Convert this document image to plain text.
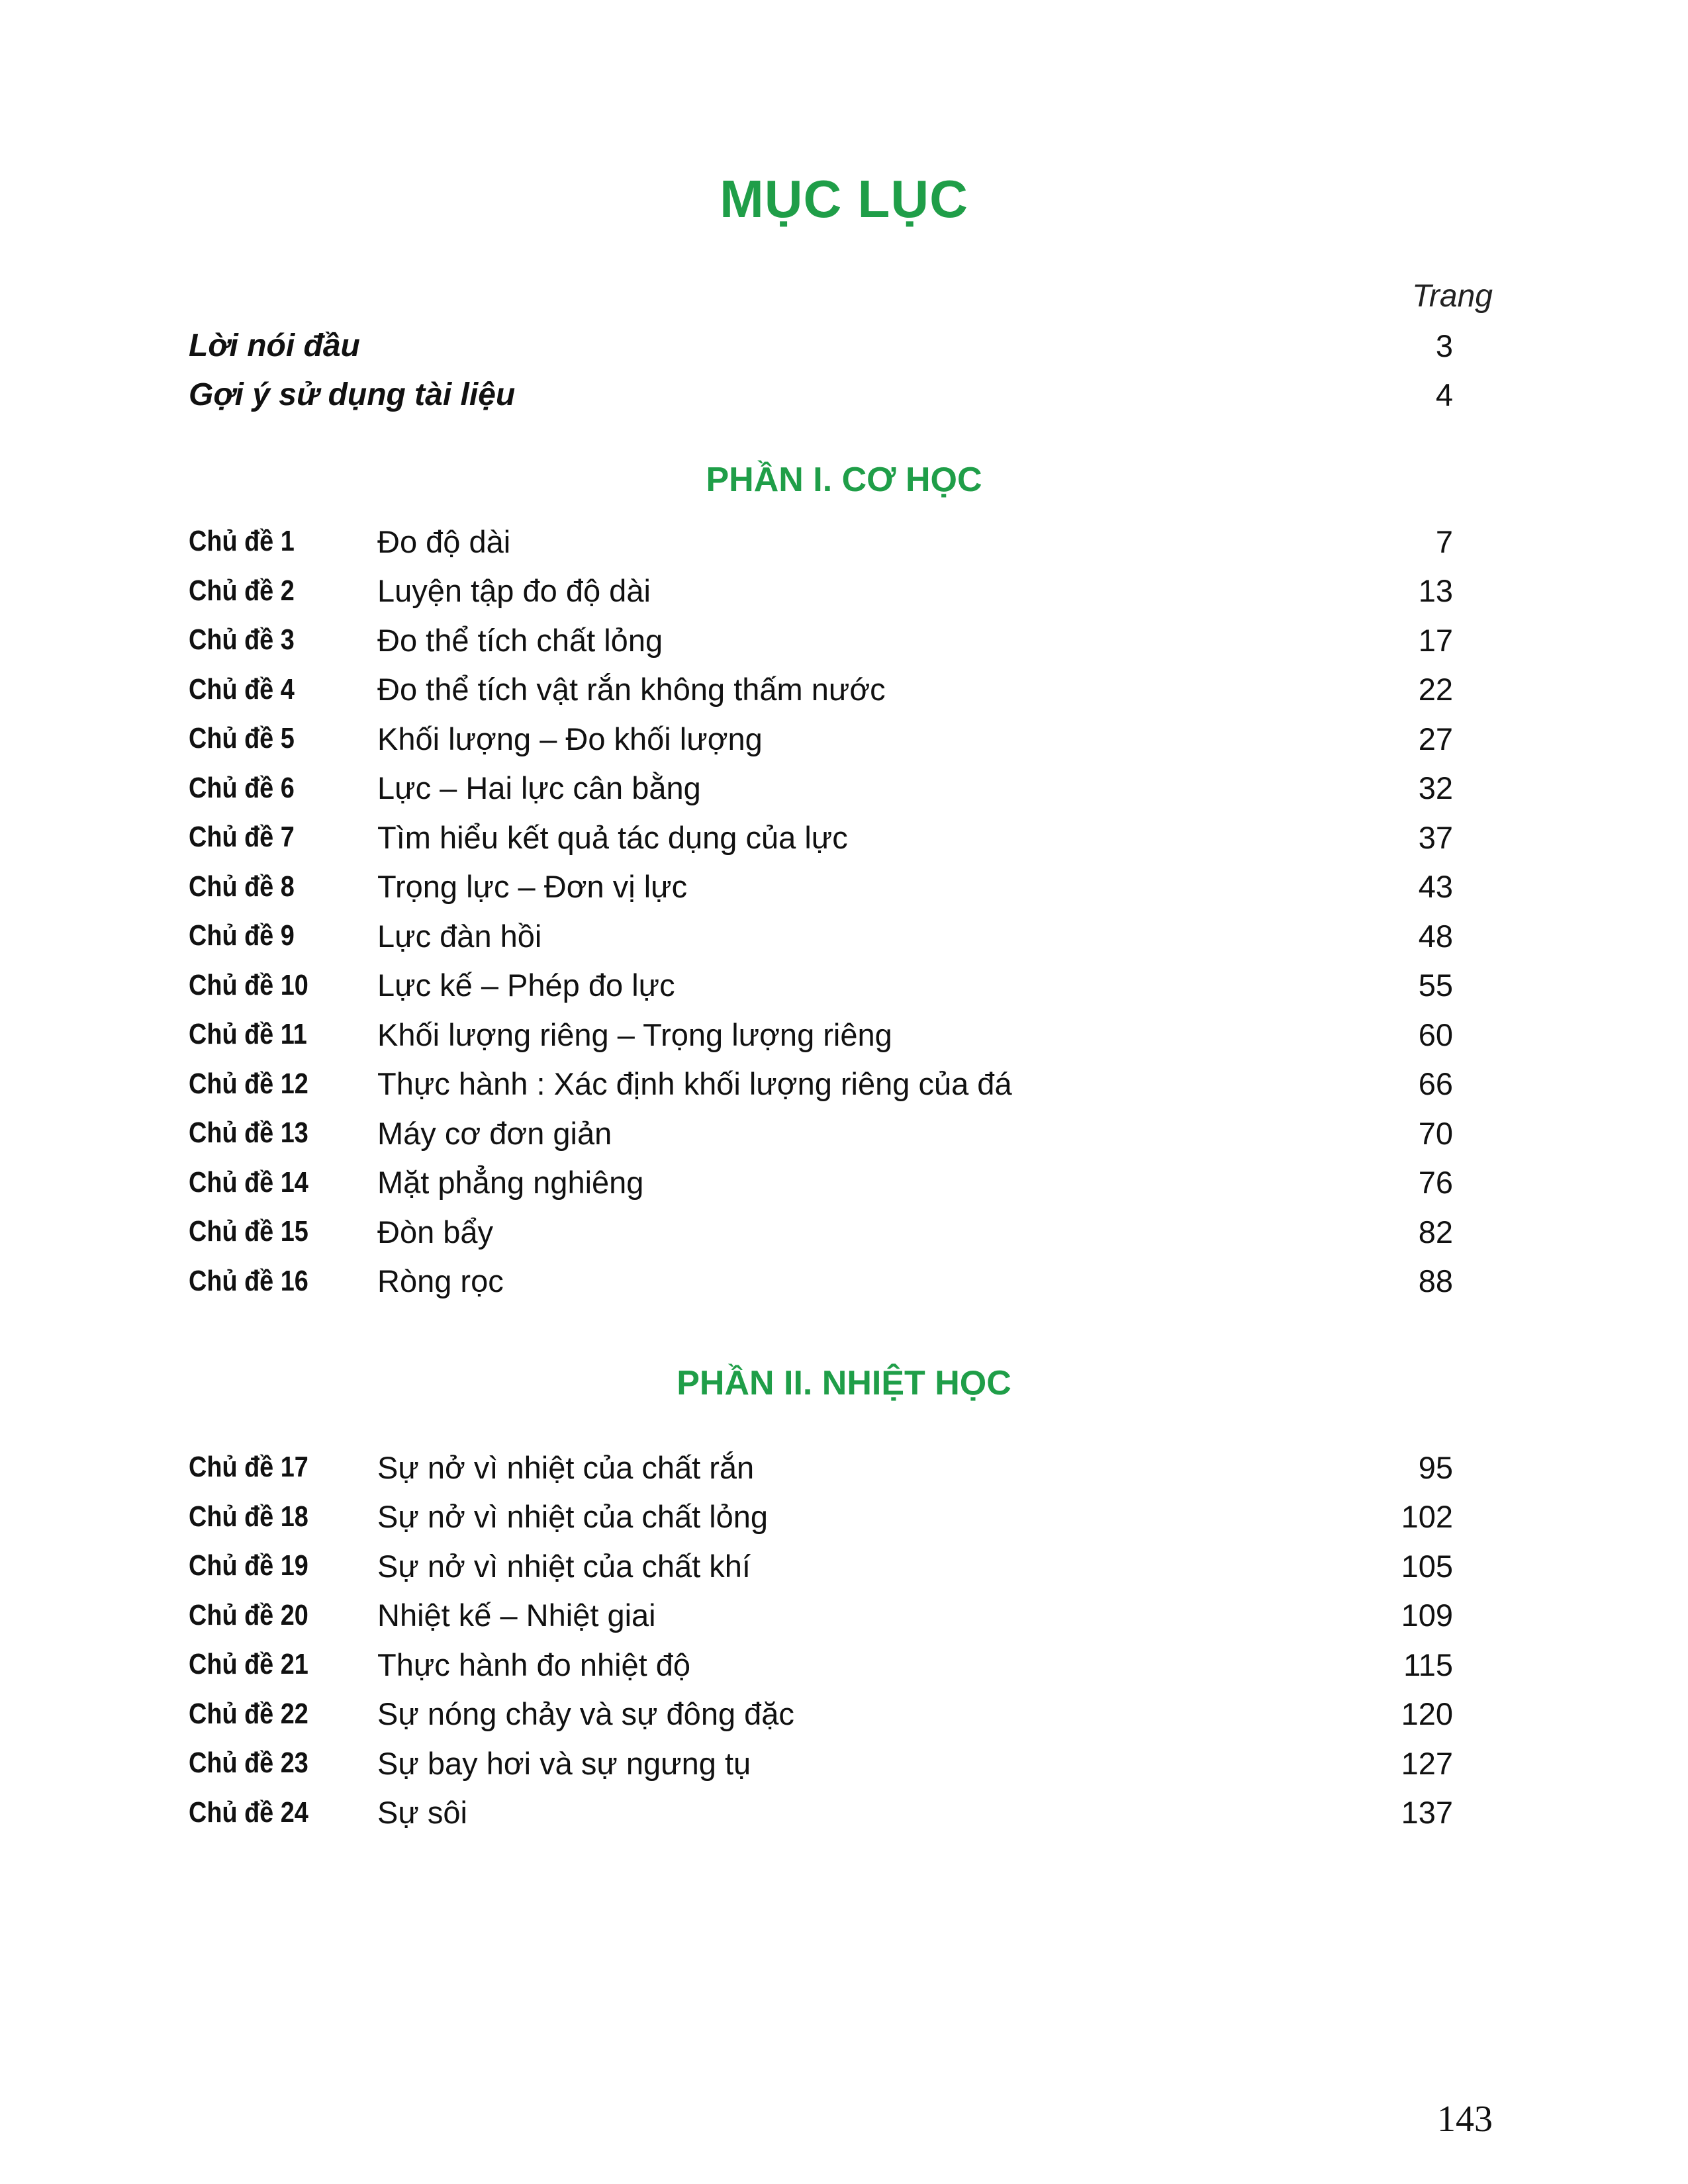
MỤC LỤC
Trang
Lời nói đầu	3
Gợi ý sử dụng tài liệu	4
PHẦN I. CƠ HỌC
Chủ đề 1	Đo độ dài	7
Chủ đề 2	Luyện tập đo độ dài	13
Chủ đề 3	Đo thể tích chất lỏng	17
Chủ đề 4	Đo thể tích vật rắn không thấm nước	22
Chủ đề 5	Khối lượng – Đo khối lượng	27
Chủ đề 6	Lực – Hai lực cân bằng	32
Chủ đề 7	Tìm hiểu kết quả tác dụng của lực	37
Chủ đề 8	Trọng lực – Đơn vị lực	43
Chủ đề 9	Lực đàn hồi	48
Chủ đề 10	Lực kế – Phép đo lực	55
Chủ đề 11	Khối lượng riêng – Trọng lượng riêng	60
Chủ đề 12	Thực hành : Xác định khối lượng riêng của đá	66
Chủ đề 13	Máy cơ đơn giản	70
Chủ đề 14	Mặt phẳng nghiêng	76
Chủ đề 15	Đòn bẩy	82
Chủ đề 16	Ròng rọc	88
PHẦN II. NHIỆT HỌC
Chủ đề 17	Sự nở vì nhiệt của chất rắn	95
Chủ đề 18	Sự nở vì nhiệt của chất lỏng	102
Chủ đề 19	Sự nở vì nhiệt của chất khí	105
Chủ đề 20	Nhiệt kế – Nhiệt giai	109
Chủ đề 21	Thực hành đo nhiệt độ	115
Chủ đề 22	Sự nóng chảy và sự đông đặc	120
Chủ đề 23	Sự bay hơi và sự ngưng tụ	127
Chủ đề 24	Sự sôi	137
143
